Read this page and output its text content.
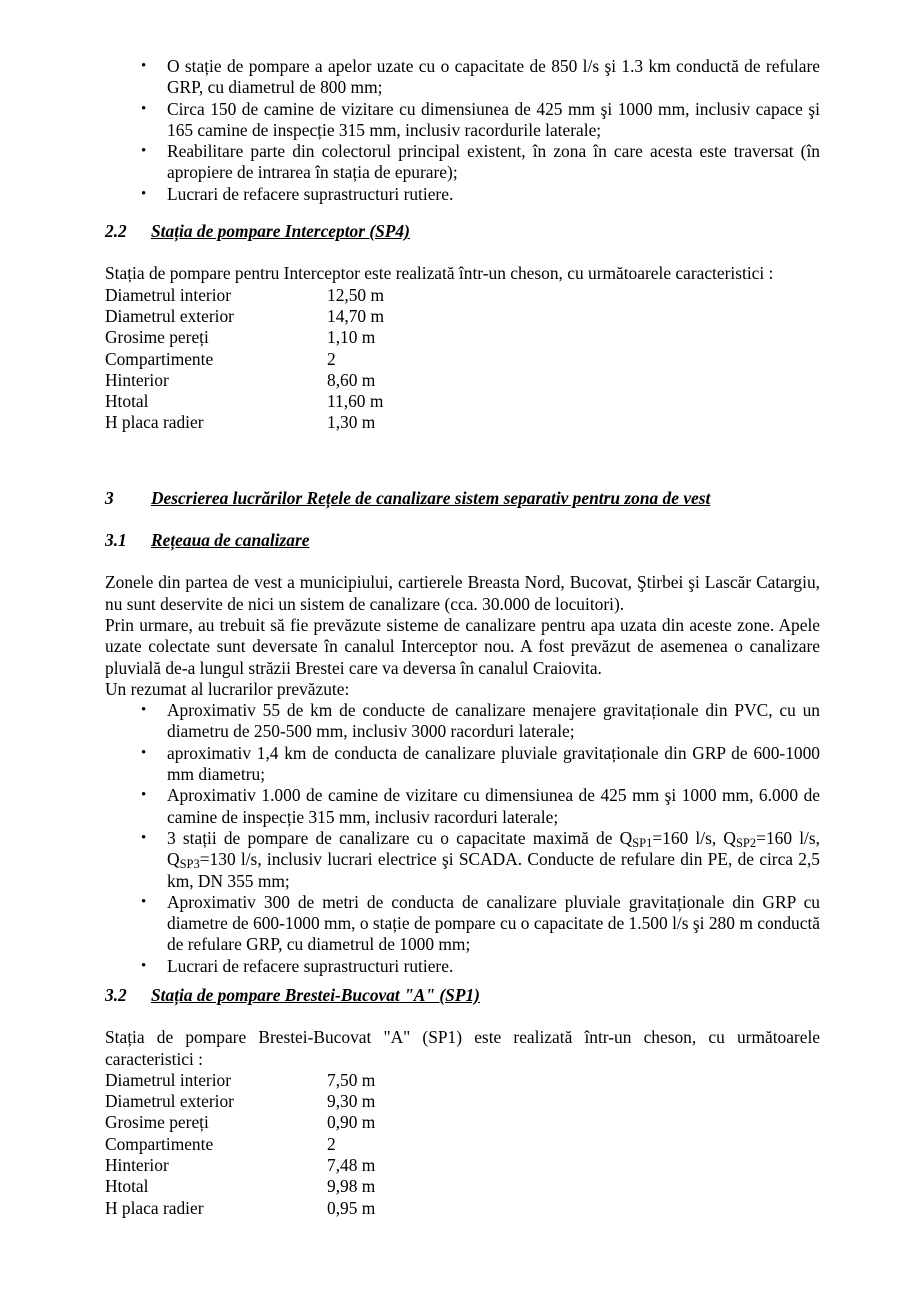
• O stație de pompare a apelor uzate cu o capacitate de 850 l/s şi 1.3 km conductă de refulare GRP, cu diametrul de 800 mm;
• Circa 150 de camine de vizitare cu dimensiunea de 425 mm şi 1000 mm, inclusiv capace şi 165 camine de inspecție 315 mm, inclusiv racordurile laterale;
• Reabilitare parte din colectorul principal existent, în zona în care acesta este traversat (în apropiere de intrarea în stația de epurare);
• Lucrari de refacere suprastructuri rutiere.
2.2	Stația de pompare Interceptor (SP4)

Stația de pompare pentru Interceptor este realizată într-un cheson, cu următoarele caracteristici :

Diametrul interior	12,50 m
Diametrul exterior	14,70 m
Grosime pereți	1,10 m
Compartimente	2
Hinterior	8,60 m
Htotal	11,60 m
H placa radier	1,30 m
3	Descrierea lucrărilor Rețele de canalizare sistem separativ pentru zona de vest
3.1	Rețeaua de canalizare

Zonele din partea de vest a municipiului, cartierele Breasta Nord, Bucovat, Ştirbei şi Lascăr Catargiu, nu sunt deservite de nici un sistem de canalizare (cca. 30.000 de locuitori).

Prin urmare, au trebuit să fie prevăzute sisteme de canalizare pentru apa uzata din aceste zone. Apele uzate colectate sunt deversate în canalul Interceptor nou. A fost prevăzut de asemenea o canalizare pluvială de-a lungul străzii Brestei care va deversa în canalul Craiovita.

Un rezumat al lucrarilor prevăzute:

• Aproximativ 55 de km de conducte de canalizare menajere gravitaționale din PVC, cu un diametru de 250-500 mm, inclusiv 3000 racorduri laterale;
• aproximativ 1,4 km de conducta de canalizare pluviale gravitaționale din GRP de 600-1000 mm diametru;
• Aproximativ 1.000 de camine de vizitare cu dimensiunea de 425 mm şi 1000 mm, 6.000 de camine de inspecție 315 mm, inclusiv racorduri laterale;
• 3 stații de pompare de canalizare cu o capacitate maximă de $Q_{SP1}=160$ l/s, $Q_{SP2}=160$ l/s, $Q_{SP3}=130$ l/s, inclusiv lucrari electrice şi SCADA. Conducte de refulare din PE, de circa 2,5 km, DN 355 mm;
• Aproximativ 300 de metri de conducta de canalizare pluviale gravitaționale din GRP cu diametre de 600-1000 mm, o stație de pompare cu o capacitate de 1.500 l/s şi 280 m conductă de refulare GRP, cu diametrul de 1000 mm;
• Lucrari de refacere suprastructuri rutiere.
3.2	Stația de pompare Brestei-Bucovat "A" (SP1)

Stația de pompare Brestei-Bucovat "A" (SP1) este realizată într-un cheson, cu următoarele caracteristici :

Diametrul interior	7,50 m
Diametrul exterior	9,30 m
Grosime pereți	0,90 m
Compartimente	2
Hinterior	7,48 m
Htotal	9,98 m
H placa radier	0,95 m
